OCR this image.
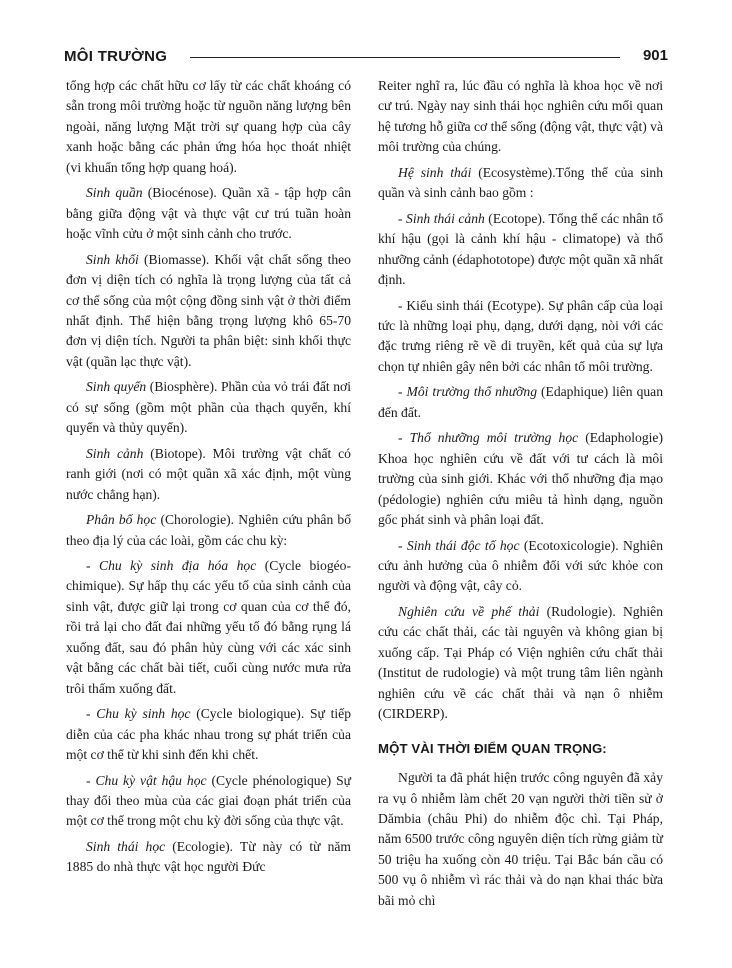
MÔI TRƯỜNG	901

tổng hợp các chất hữu cơ lấy từ các chất khoáng có sẵn trong môi trường hoặc từ nguồn năng lượng bên ngoài, năng lượng Mặt trời sự quang hợp của cây xanh hoặc bằng các phản ứng hóa học thoát nhiệt (vi khuẩn tổng hợp quang hoá).

Sinh quần (Biocénose). Quần xã - tập hợp cân bằng giữa động vật và thực vật cư trú tuần hoàn hoặc vĩnh cửu ở một sinh cảnh cho trước.

Sinh khối (Biomasse). Khối vật chất sống theo đơn vị diện tích có nghĩa là trọng lượng của tất cả cơ thể sống của một cộng đồng sinh vật ở thời điểm nhất định. Thể hiện bằng trọng lượng khô 65-70 đơn vị diện tích. Người ta phân biệt: sinh khối thực vật (quần lạc thực vật).

Sinh quyển (Biosphère). Phần của vỏ trái đất nơi có sự sống (gồm một phần của thạch quyển, khí quyển và thủy quyển).

Sinh cảnh (Biotope). Môi trường vật chất có ranh giới (nơi có một quần xã xác định, một vùng nước chẳng hạn).

Phân bố học (Chorologie). Nghiên cứu phân bố theo địa lý của các loài, gồm các chu kỳ:

- Chu kỳ sinh địa hóa học (Cycle biogéo-chimique). Sự hấp thụ các yếu tố của sinh cảnh của sinh vật, được giữ lại trong cơ quan của cơ thể đó, rồi trả lại cho đất đai những yếu tố đó bằng rụng lá xuống đất, sau đó phân hủy cùng với các xác sinh vật bằng các chất bài tiết, cuối cùng nước mưa rửa trôi thấm xuống đất.

- Chu kỳ sinh học (Cycle biologique). Sự tiếp diễn của các pha khác nhau trong sự phát triển của một cơ thể từ khi sinh đến khi chết.

- Chu kỳ vật hậu học (Cycle phénologique) Sự thay đổi theo mùa của các giai đoạn phát triển của một cơ thể trong một chu kỳ đời sống của thực vật.

Sinh thái học (Ecologie). Từ này có từ năm 1885 do nhà thực vật học người Đức

Reiter nghĩ ra, lúc đầu có nghĩa là khoa học về nơi cư trú. Ngày nay sinh thái học nghiên cứu mối quan hệ tương hỗ giữa cơ thể sống (động vật, thực vật) và môi trường của chúng.

Hệ sinh thái (Ecosystème).Tổng thể của sinh quần và sinh cảnh bao gồm :

- Sinh thái cảnh (Ecotope). Tổng thể các nhân tố khí hậu (gọi là cảnh khí hậu - climatope) và thổ nhưỡng cảnh (édaphototope) được một quần xã nhất định.

- Kiểu sinh thái (Ecotype). Sự phân cấp của loại tức là những loại phụ, dạng, dưới dạng, nòi với các đặc trưng riêng rẽ về di truyền, kết quả của sự lựa chọn tự nhiên gây nên bởi các nhân tố môi trường.

- Môi trường thổ nhưỡng (Edaphique) liên quan đến đất.

- Thổ nhưỡng môi trường học (Edaphologie) Khoa học nghiên cứu về đất với tư cách là môi trường của sinh giới. Khác với thổ nhưỡng địa mạo (pédologie) nghiên cứu miêu tả hình dạng, nguồn gốc phát sinh và phân loại đất.

- Sinh thái độc tố học (Ecotoxicologie). Nghiên cứu ảnh hưởng của ô nhiễm đối với sức khỏe con người và động vật, cây cỏ.

Nghiên cứu về phế thải (Rudologie). Nghiên cứu các chất thải, các tài nguyên và không gian bị xuống cấp. Tại Pháp có Viện nghiên cứu chất thải (Institut de rudologie) và một trung tâm liên ngành nghiên cứu về các chất thải và nạn ô nhiễm (CIRDERP).

MỘT VÀI THỜI ĐIỂM QUAN TRỌNG:

Người ta đã phát hiện trước công nguyên đã xảy ra vụ ô nhiễm làm chết 20 vạn người thời tiền sử ở Dămbia (châu Phi) do nhiễm độc chì. Tại Pháp, năm 6500 trước công nguyên diện tích rừng giảm từ 50 triệu ha xuống còn 40 triệu. Tại Bắc bán cầu có 500 vụ ô nhiễm vì rác thải và do nạn khai thác bừa bãi mỏ chì
